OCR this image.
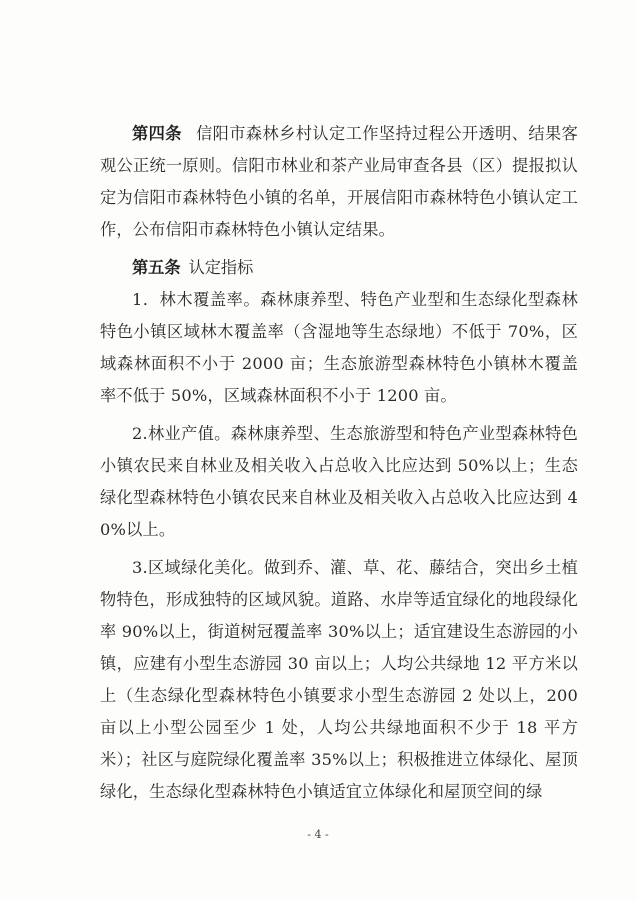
第四条 信阳市森林乡村认定工作坚持过程公开透明、结果客观公正统一原则。信阳市林业和茶产业局审查各县（区）提报拟认定为信阳市森林特色小镇的名单，开展信阳市森林特色小镇认定工作，公布信阳市森林特色小镇认定结果。

第五条 认定指标

1．林木覆盖率。森林康养型、特色产业型和生态绿化型森林特色小镇区域林木覆盖率（含湿地等生态绿地）不低于 70%，区域森林面积不小于 2000 亩；生态旅游型森林特色小镇林木覆盖率不低于 50%，区域森林面积不小于 1200 亩。

2.林业产值。森林康养型、生态旅游型和特色产业型森林特色小镇农民来自林业及相关收入占总收入比应达到 50%以上；生态绿化型森林特色小镇农民来自林业及相关收入占总收入比应达到 40%以上。

3.区域绿化美化。做到乔、灌、草、花、藤结合，突出乡土植物特色，形成独特的区域风貌。道路、水岸等适宜绿化的地段绿化率 90%以上，街道树冠覆盖率 30%以上；适宜建设生态游园的小镇，应建有小型生态游园 30 亩以上；人均公共绿地 12 平方米以上（生态绿化型森林特色小镇要求小型生态游园 2 处以上，200 亩以上小型公园至少 1 处，人均公共绿地面积不少于 18 平方米）；社区与庭院绿化覆盖率 35%以上；积极推进立体绿化、屋顶绿化，生态绿化型森林特色小镇适宜立体绿化和屋顶空间的绿

- 4 -
